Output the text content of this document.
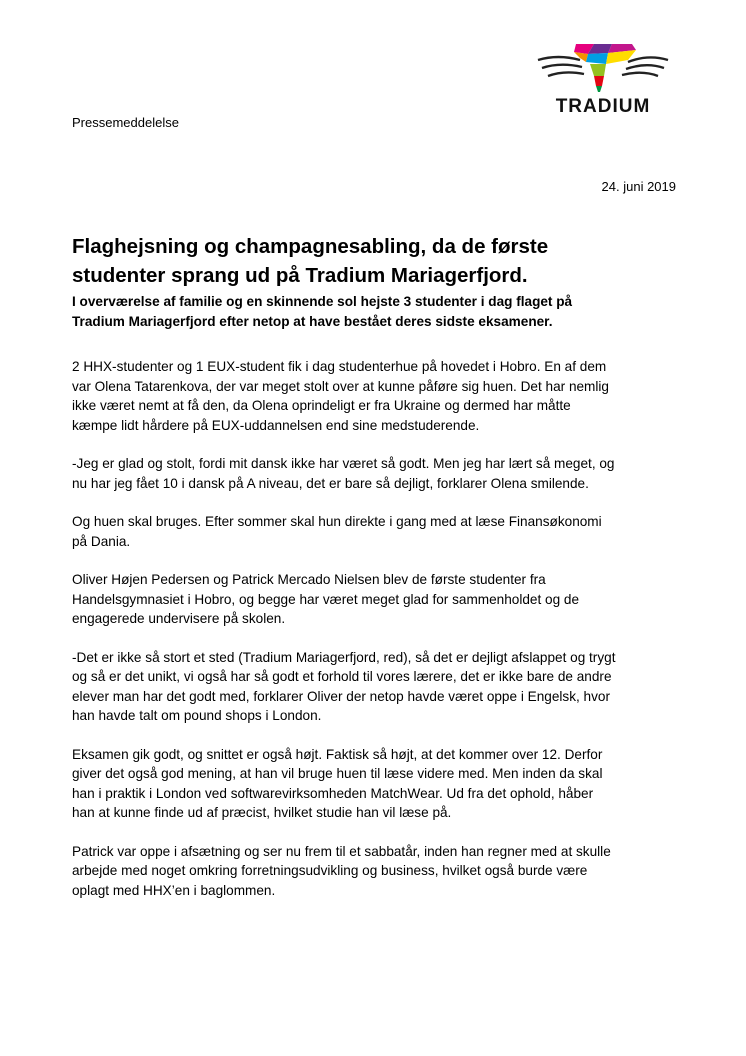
TRADIUM
Pressemeddelelse
24. juni 2019
Flaghejsning og champagnesabling, da de første
studenter sprang ud på Tradium Mariagerfjord.

I overværelse af familie og en skinnende sol hejste 3 studenter i dag flaget på
Tradium Mariagerfjord efter netop at have bestået deres sidste eksamener.

2 HHX-studenter og 1 EUX-student fik i dag studenterhue på hovedet i Hobro. En af dem
var Olena Tatarenkova, der var meget stolt over at kunne påføre sig huen. Det har nemlig
ikke været nemt at få den, da Olena oprindeligt er fra Ukraine og dermed har måtte
kæmpe lidt hårdere på EUX-uddannelsen end sine medstuderende.

-Jeg er glad og stolt, fordi mit dansk ikke har været så godt. Men jeg har lært så meget, og
nu har jeg fået 10 i dansk på A niveau, det er bare så dejligt, forklarer Olena smilende.

Og huen skal bruges. Efter sommer skal hun direkte i gang med at læse Finansøkonomi
på Dania.

Oliver Højen Pedersen og Patrick Mercado Nielsen blev de første studenter fra
Handelsgymnasiet i Hobro, og begge har været meget glad for sammenholdet og de
engagerede undervisere på skolen.

-Det er ikke så stort et sted (Tradium Mariagerfjord, red), så det er dejligt afslappet og trygt
og så er det unikt, vi også har så godt et forhold til vores lærere, det er ikke bare de andre
elever man har det godt med, forklarer Oliver der netop havde været oppe i Engelsk, hvor
han havde talt om pound shops i London.

Eksamen gik godt, og snittet er også højt. Faktisk så højt, at det kommer over 12. Derfor
giver det også god mening, at han vil bruge huen til læse videre med. Men inden da skal
han i praktik i London ved softwarevirksomheden MatchWear. Ud fra det ophold, håber
han at kunne finde ud af præcist, hvilket studie han vil læse på.

Patrick var oppe i afsætning og ser nu frem til et sabbatår, inden han regner med at skulle
arbejde med noget omkring forretningsudvikling og business, hvilket også burde være
oplagt med HHX’en i baglommen.
